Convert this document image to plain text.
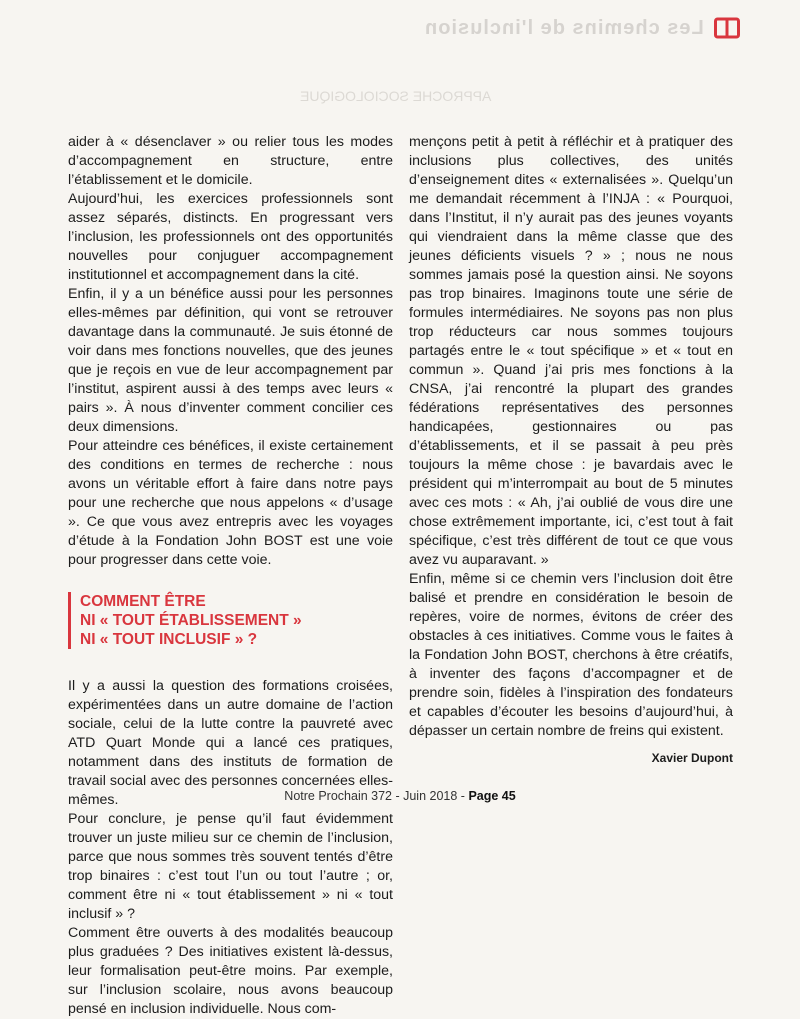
Les chemins de l'inclusion
APPROCHE SOCIOLOGIQUE

aider à « désenclaver » ou relier tous les modes d’accompagnement en structure, entre l’établissement et le domicile.

Aujourd’hui, les exercices professionnels sont assez séparés, distincts. En progressant vers l’inclusion, les professionnels ont des opportunités nouvelles pour conjuguer accompagnement institutionnel et accompagnement dans la cité.

Enfin, il y a un bénéfice aussi pour les personnes elles-mêmes par définition, qui vont se retrouver davantage dans la communauté. Je suis étonné de voir dans mes fonctions nouvelles, que des jeunes que je reçois en vue de leur accompagnement par l’institut, aspirent aussi à des temps avec leurs « pairs ». À nous d’inventer comment concilier ces deux dimensions.

Pour atteindre ces bénéfices, il existe certainement des conditions en termes de recherche : nous avons un véritable effort à faire dans notre pays pour une recherche que nous appelons « d’usage ». Ce que vous avez entrepris avec les voyages d’étude à la Fondation John BOST est une voie pour progresser dans cette voie.

COMMENT ÊTRE
NI « TOUT ÉTABLISSEMENT »
NI « TOUT INCLUSIF » ?

Il y a aussi la question des formations croisées, expérimentées dans un autre domaine de l’action sociale, celui de la lutte contre la pauvreté avec ATD Quart Monde qui a lancé ces pratiques, notamment dans des instituts de formation de travail social avec des personnes concernées elles-mêmes.

Pour conclure, je pense qu’il faut évidemment trouver un juste milieu sur ce chemin de l’inclusion, parce que nous sommes très souvent tentés d’être trop binaires : c’est tout l’un ou tout l’autre ; or, comment être ni « tout établissement » ni « tout inclusif » ?

Comment être ouverts à des modalités beaucoup plus graduées ? Des initiatives existent là-dessus, leur formalisation peut-être moins. Par exemple, sur l’inclusion scolaire, nous avons beaucoup pensé en inclusion individuelle. Nous com-

mençons petit à petit à réfléchir et à pratiquer des inclusions plus collectives, des unités d’enseignement dites « externalisées ». Quelqu’un me demandait récemment à l’INJA : « Pourquoi, dans l’Institut, il n’y aurait pas des jeunes voyants qui viendraient dans la même classe que des jeunes déficients visuels ? » ; nous ne nous sommes jamais posé la question ainsi. Ne soyons pas trop binaires. Imaginons toute une série de formules intermédiaires. Ne soyons pas non plus trop réducteurs car nous sommes toujours partagés entre le « tout spécifique » et « tout en commun ». Quand j’ai pris mes fonctions à la CNSA, j’ai rencontré la plupart des grandes fédérations représentatives des personnes handicapées, gestionnaires ou pas d’établissements, et il se passait à peu près toujours la même chose : je bavardais avec le président qui m’interrompait au bout de 5 minutes avec ces mots : « Ah, j’ai oublié de vous dire une chose extrêmement importante, ici, c’est tout à fait spécifique, c’est très différent de tout ce que vous avez vu auparavant. »

Enfin, même si ce chemin vers l’inclusion doit être balisé et prendre en considération le besoin de repères, voire de normes, évitons de créer des obstacles à ces initiatives. Comme vous le faites à la Fondation John BOST, cherchons à être créatifs, à inventer des façons d’accompagner et de prendre soin, fidèles à l’inspiration des fondateurs et capables d’écouter les besoins d’aujourd’hui, à dépasser un certain nombre de freins qui existent.

Xavier Dupont
Notre Prochain 372 - Juin 2018 - Page 45
